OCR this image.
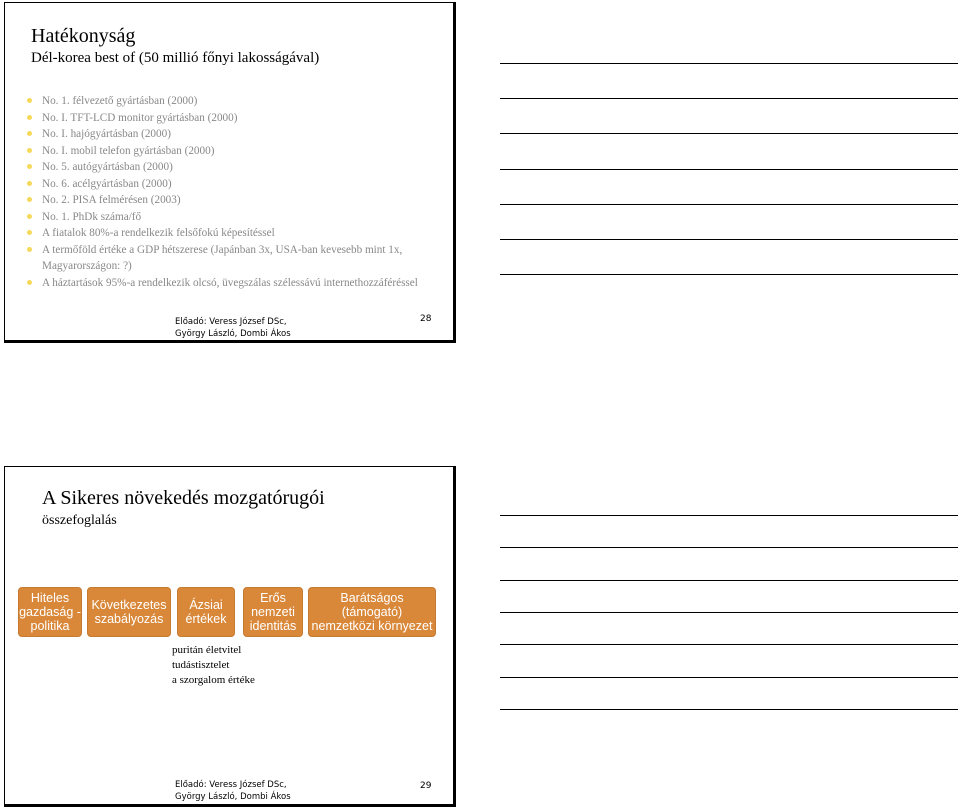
Hatékonyság
Dél-korea best of (50 millió főnyi lakosságával)
No. 1. félvezető gyártásban (2000)
No. I. TFT-LCD monitor gyártásban (2000)
No. I. hajógyártásban (2000)
No. I. mobil telefon gyártásban (2000)
No. 5. autógyártásban (2000)
No. 6. acélgyártásban (2000)
No. 2. PISA felmérésen (2003)
No. 1. PhDk száma/fő
A fiatalok 80%-a rendelkezik felsőfokú képesítéssel
A termőföld értéke a GDP hétszerese (Japánban 3x, USA-ban kevesebb mint 1x, Magyarországon: ?)
A háztartások 95%-a rendelkezik olcsó, üvegszálas szélessávú internethozzáféréssel
Előadó: Veress József DSc,
György László, Dombi Ákos
28
A Sikeres növekedés mozgatórugói
összefoglalás
Hiteles gazdaság -politika
Következetes szabályozás
Ázsiai értékek
Erős nemzeti identitás
Barátságos (támogató) nemzetközi környezet
puritán életvitel
tudástisztelet
a szorgalom értéke
Előadó: Veress József DSc,
György László, Dombi Ákos
29
